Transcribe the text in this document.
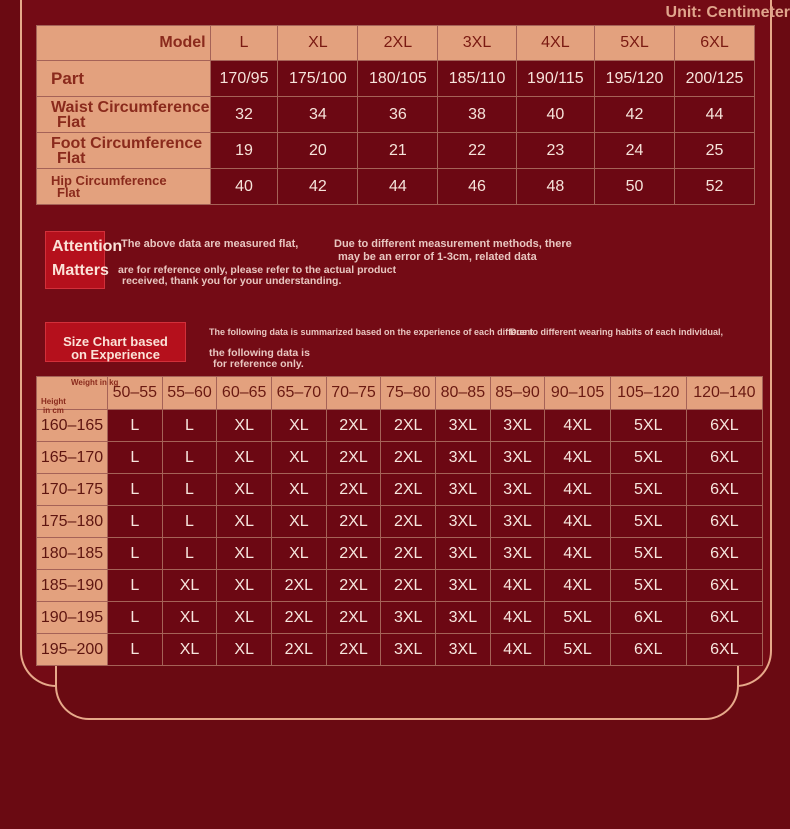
Unit: Centimeter
Model	L	XL	2XL	3XL	4XL	5XL	6XL
Part	170/95	175/100	180/105	185/110	190/115	195/120	200/125

Waist Circumference
Flat	32	34	36	38	40	42	44

Foot Circumference
Flat	19	20	21	22	23	24	25

Hip Circumference
Flat	40	42	44	46	48	50	52
Attention
Matters
The above data are measured flat,	Due to different measurement methods, there
may be an error of 1-3cm, related data
are for reference only, please refer to the actual product
received, thank you for your understanding.
Size Chart based
on Experience
The following data is summarized based on the experience of each different
Due to different wearing habits of each individual,
the following data is
for reference only.
Weight in kg
Height
in cm	50–55	55–60	60–65	65–70	70–75	75–80	80–85	85–90	90–105	105–120	120–140
160–165	L	L	XL	XL	2XL	2XL	3XL	3XL	4XL	5XL	6XL
165–170	L	L	XL	XL	2XL	2XL	3XL	3XL	4XL	5XL	6XL
170–175	L	L	XL	XL	2XL	2XL	3XL	3XL	4XL	5XL	6XL
175–180	L	L	XL	XL	2XL	2XL	3XL	3XL	4XL	5XL	6XL
180–185	L	L	XL	XL	2XL	2XL	3XL	3XL	4XL	5XL	6XL
185–190	L	XL	XL	2XL	2XL	2XL	3XL	4XL	4XL	5XL	6XL
190–195	L	XL	XL	2XL	2XL	3XL	3XL	4XL	5XL	6XL	6XL
195–200	L	XL	XL	2XL	2XL	3XL	3XL	4XL	5XL	6XL	6XL
